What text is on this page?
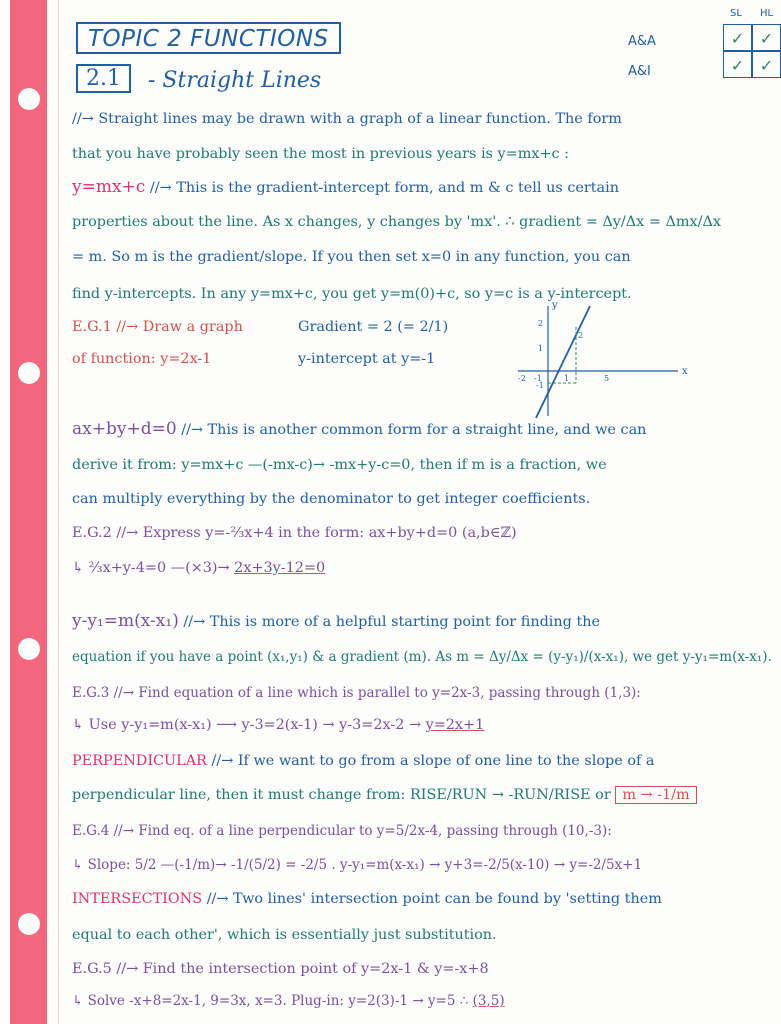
TOPIC 2 FUNCTIONS
2.1	- Straight Lines
SL HL
A&A	✓ ✓
A&I	✓ ✓
//→ Straight lines may be drawn with a graph of a linear function. The form
that you have probably seen the most in previous years is y=mx+c :
y=mx+c //→ This is the gradient-intercept form, and m & c tell us certain
properties about the line. As x changes, y changes by 'mx'. ∴ gradient = Δy/Δx = Δmx/Δx
= m. So m is the gradient/slope. If you then set x=0 in any function, you can
find y-intercepts. In any y=mx+c, you get y=m(0)+c, so y=c is a y-intercept.
E.G.1 //→ Draw a graph
of function: y=2x-1
Gradient = 2 (= 2/1)
y-intercept at y=-1
x
y
2
1
-1
1	5
-2 -1
2
ax+by+d=0 //→ This is another common form for a straight line, and we can
derive it from: y=mx+c —(-mx-c)→ -mx+y-c=0, then if m is a fraction, we
can multiply everything by the denominator to get integer coefficients.
E.G.2 //→ Express y=-⅔x+4 in the form: ax+by+d=0 (a,b∈ℤ)
↳ ⅔x+y-4=0 —(×3)→ 2x+3y-12=0
y-y₁=m(x-x₁) //→ This is more of a helpful starting point for finding the
equation if you have a point (x₁,y₁) & a gradient (m). As m = Δy/Δx = (y-y₁)/(x-x₁), we get y-y₁=m(x-x₁).
E.G.3 //→ Find equation of a line which is parallel to y=2x-3, passing through (1,3):
↳ Use y-y₁=m(x-x₁) ⟶ y-3=2(x-1) → y-3=2x-2 → y=2x+1
PERPENDICULAR //→ If we want to go from a slope of one line to the slope of a
perpendicular line, then it must change from: RISE/RUN → -RUN/RISE or m → -1/m
E.G.4 //→ Find eq. of a line perpendicular to y=5/2x-4, passing through (10,-3):
↳ Slope: 5/2 —(-1/m)→ -1/(5/2) = -2/5 . y-y₁=m(x-x₁) → y+3=-2/5(x-10) → y=-2/5x+1
INTERSECTIONS //→ Two lines' intersection point can be found by 'setting them
equal to each other', which is essentially just substitution.
E.G.5 //→ Find the intersection point of y=2x-1 & y=-x+8
↳ Solve -x+8=2x-1, 9=3x, x=3. Plug-in: y=2(3)-1 → y=5 ∴ (3,5)
